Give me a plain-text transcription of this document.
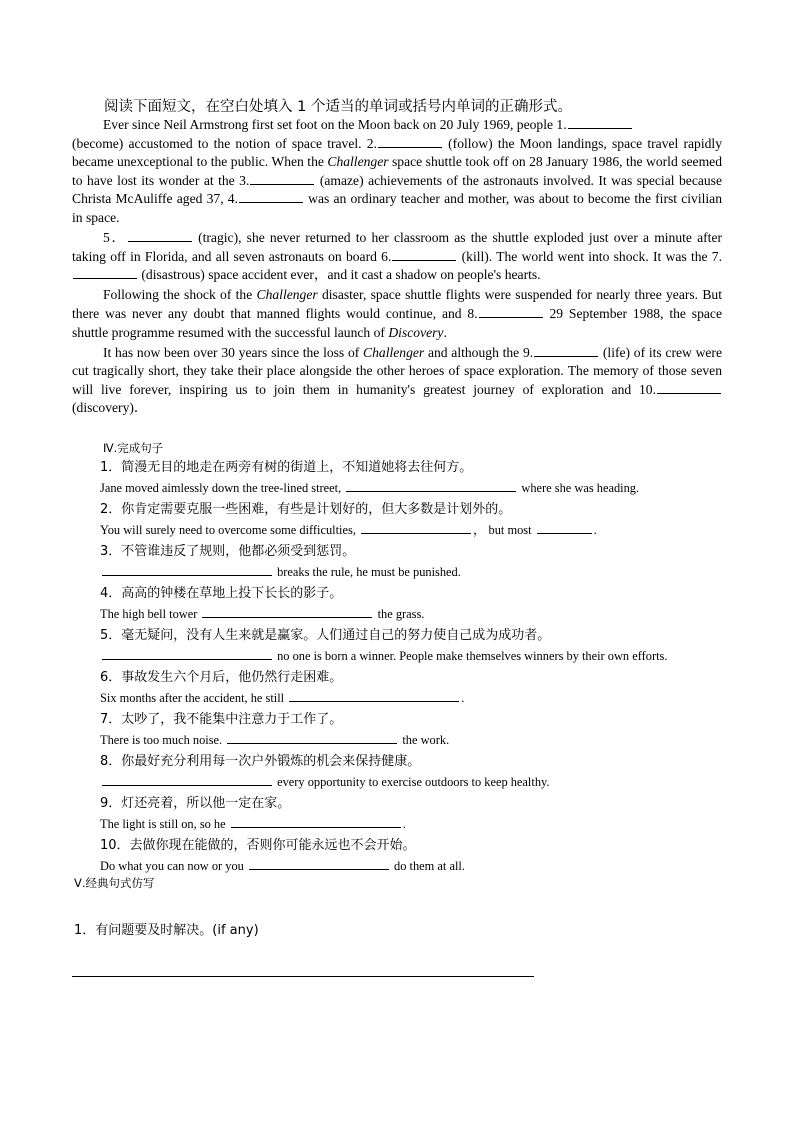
阅读下面短文，在空白处填入 1 个适当的单词或括号内单词的正确形式。

Ever since Neil Armstrong first set foot on the Moon back on 20 July 1969, people 1.
(become) accustomed to the notion of space travel. 2.	(follow) the Moon landings, space travel rapidly became unexceptional to the public. When the Challenger space shuttle took off on 28 January 1986, the world seemed to have lost its wonder at the 3.	(amaze) achievements of the astronauts involved. It was special because Christa McAuliffe aged 37, 4.	was an ordinary teacher and mother, was about to become the first civilian in space.

5．	(tragic), she never returned to her classroom as the shuttle exploded just over a minute after taking off in Florida, and all seven astronauts on board 6.	(kill). The world went into shock. It was the 7. (disastrous) space accident ever，and it cast a shadow on people's hearts.

Following the shock of the Challenger disaster, space shuttle flights were suspended for nearly three years. But there was never any doubt that manned flights would continue, and 8.	29 September 1988, the space shuttle programme resumed with the successful launch of Discovery.

It has now been over 30 years since the loss of Challenger and although the 9.	(life) of its crew were cut tragically short, they take their place alongside the other heroes of space exploration. The memory of those seven will live forever, inspiring us to join them in humanity's greatest journey of exploration and 10. (discovery)．

Ⅳ.完成句子
1．简漫无目的地走在两旁有树的街道上，不知道她将去往何方。
Jane moved aimlessly down the tree-lined street,	where she was heading.
2．你肯定需要克服一些困难，有些是计划好的，但大多数是计划外的。
You will surely need to overcome some difficulties,	， but most	.
3．不管谁违反了规则，他都必须受到惩罚。
breaks the rule, he must be punished.
4．高高的钟楼在草地上投下长长的影子。
The high bell tower	the grass.
5．毫无疑问，没有人生来就是赢家。人们通过自己的努力使自己成为成功者。
no one is born a winner. People make themselves winners by their own efforts.
6．事故发生六个月后，他仍然行走困难。
Six months after the accident, he still	.
7．太吵了，我不能集中注意力于工作了。
There is too much noise.	the work.
8．你最好充分利用每一次户外锻炼的机会来保持健康。
every opportunity to exercise outdoors to keep healthy.
9．灯还亮着，所以他一定在家。
The light is still on, so he	.
10．去做你现在能做的，否则你可能永远也不会开始。
Do what you can now or you	do them at all.
Ⅴ.经典句式仿写
1．有问题要及时解决。(if any)
